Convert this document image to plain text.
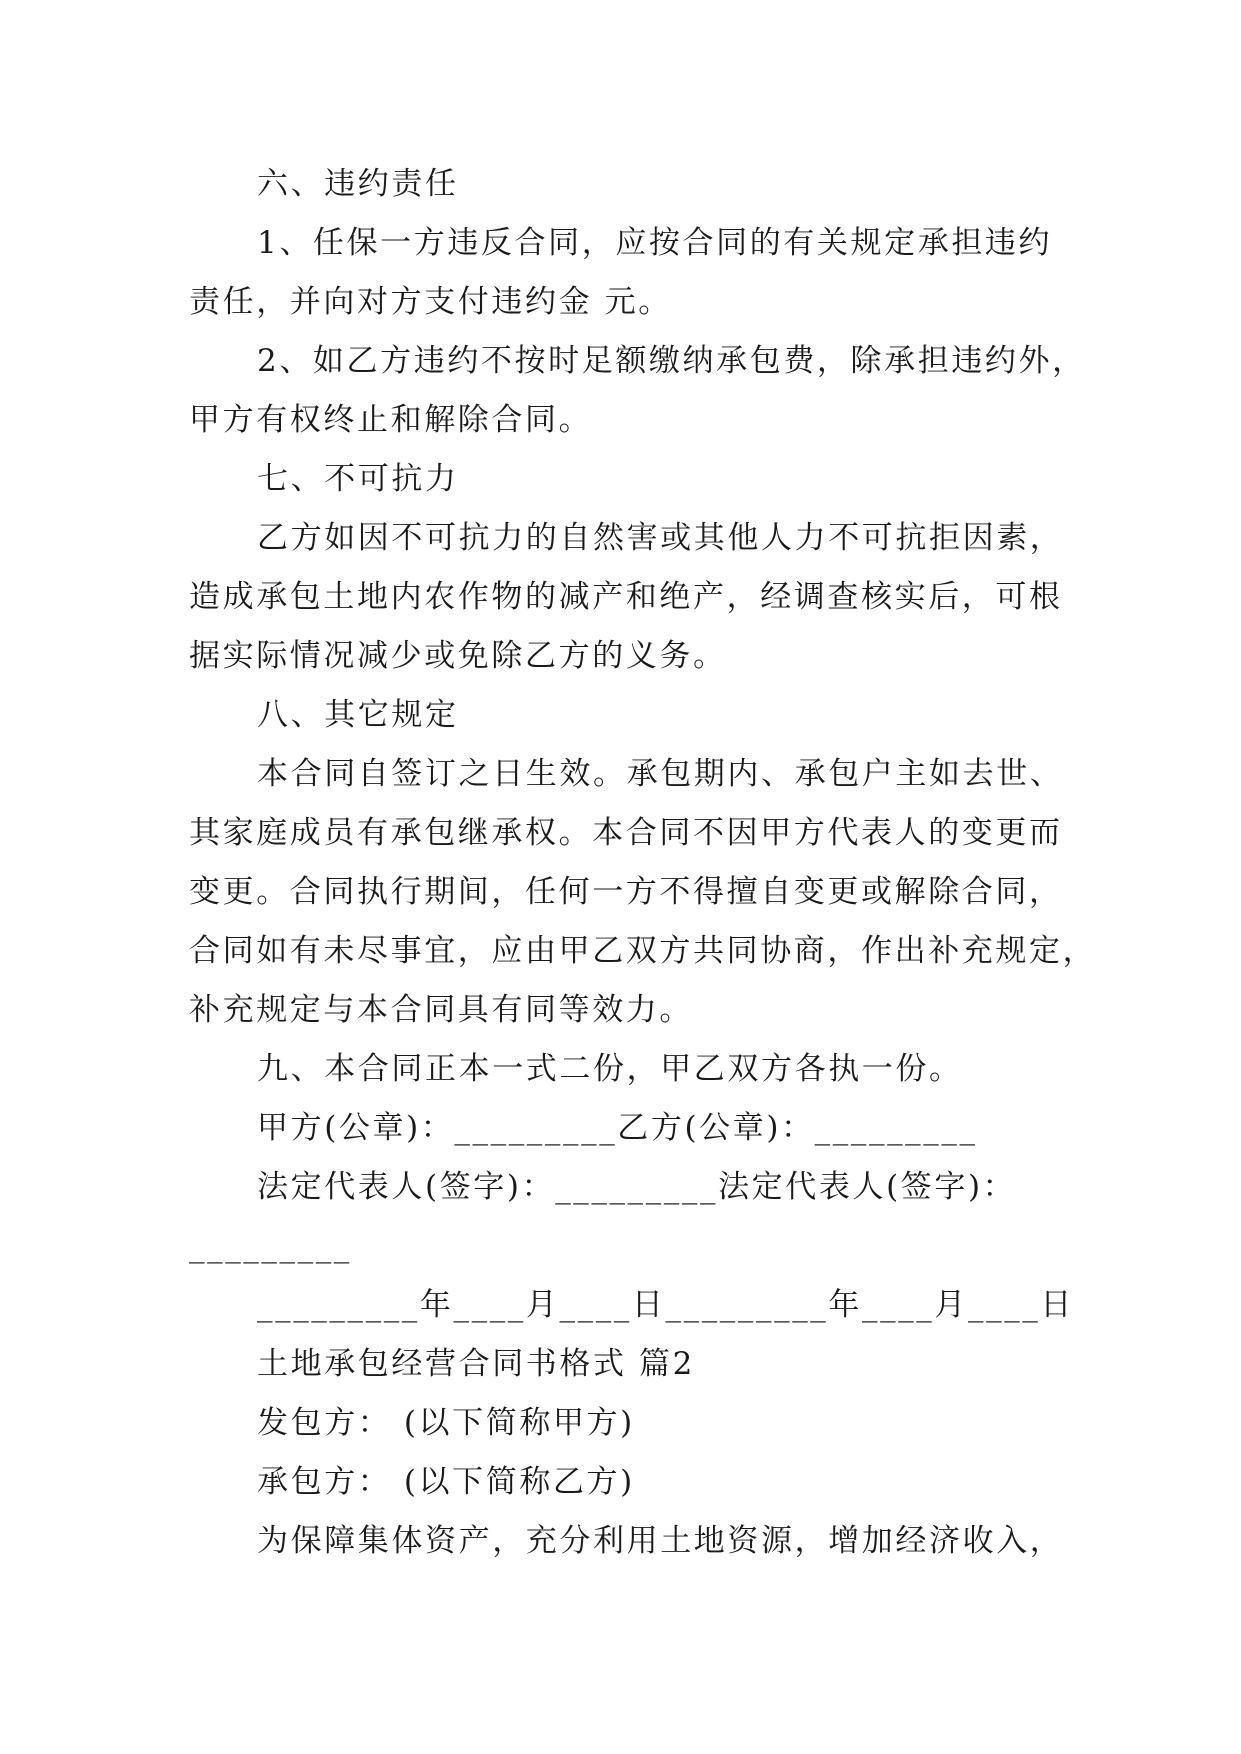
六、违约责任
1、任保一方违反合同，应按合同的有关规定承担违约
责任，并向对方支付违约金 元。
2、如乙方违约不按时足额缴纳承包费，除承担违约外，
甲方有权终止和解除合同。
七、不可抗力
乙方如因不可抗力的自然害或其他人力不可抗拒因素，
造成承包土地内农作物的减产和绝产，经调查核实后，可根
据实际情况减少或免除乙方的义务。
八、其它规定
本合同自签订之日生效。承包期内、承包户主如去世、
其家庭成员有承包继承权。本合同不因甲方代表人的变更而
变更。合同执行期间，任何一方不得擅自变更或解除合同，
合同如有未尽事宜，应由甲乙双方共同协商，作出补充规定，
补充规定与本合同具有同等效力。
九、本合同正本一式二份，甲乙双方各执一份。
甲方(公章)：_________乙方(公章)：_________
法定代表人(签字)：_________法定代表人(签字)：
_________
_________年____月____日_________年____月____日
土地承包经营合同书格式 篇2
发包方： (以下简称甲方)
承包方： (以下简称乙方)
为保障集体资产，充分利用土地资源，增加经济收入，
